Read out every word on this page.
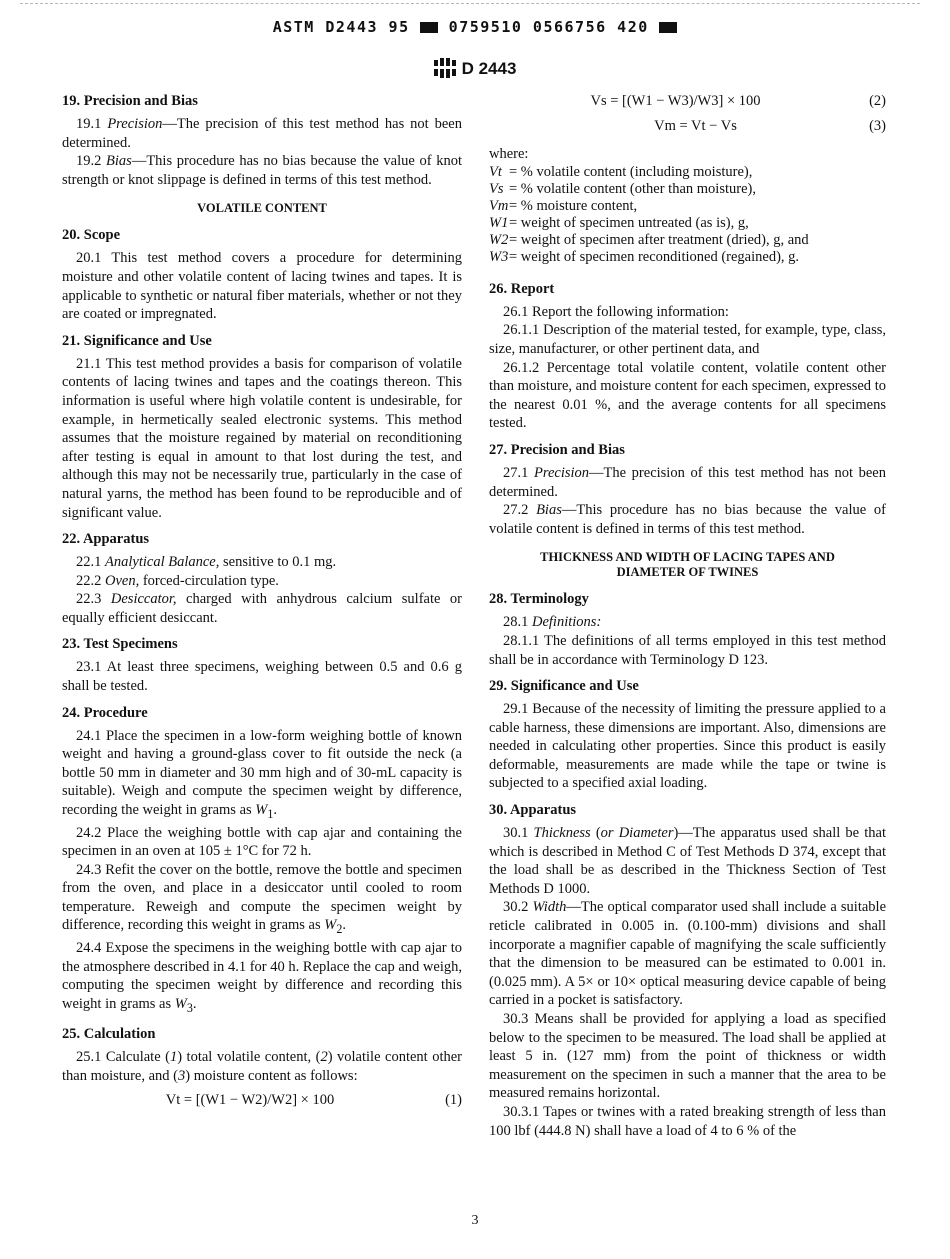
ASTM D2443 95	0759510 0566756 420
D 2443
19. Precision and Bias

19.1 Precision—The precision of this test method has not been determined.

19.2 Bias—This procedure has no bias because the value of knot strength or knot slippage is defined in terms of this test method.

VOLATILE CONTENT
20. Scope

20.1 This test method covers a procedure for determining moisture and other volatile content of lacing twines and tapes. It is applicable to synthetic or natural fiber materials, whether or not they are coated or impregnated.

21. Significance and Use

21.1 This test method provides a basis for comparison of volatile contents of lacing twines and tapes and the coatings thereon. This information is useful where high volatile content is undesirable, for example, in hermetically sealed electronic systems. This method assumes that the moisture regained by material on reconditioning after testing is equal in amount to that lost during the test, and although this may not be necessarily true, particularly in the case of natural yarns, the method has been found to be reproducible and of significant value.

22. Apparatus

22.1 Analytical Balance, sensitive to 0.1 mg.

22.2 Oven, forced-circulation type.

22.3 Desiccator, charged with anhydrous calcium sulfate or equally efficient desiccant.

23. Test Specimens

23.1 At least three specimens, weighing between 0.5 and 0.6 g shall be tested.

24. Procedure

24.1 Place the specimen in a low-form weighing bottle of known weight and having a ground-glass cover to fit outside the neck (a bottle 50 mm in diameter and 30 mm high and of 30-mL capacity is suitable). Weigh and compute the specimen weight by difference, recording the weight in grams as $W_1$.

24.2 Place the weighing bottle with cap ajar and containing the specimen in an oven at 105 ± 1°C for 72 h.

24.3 Refit the cover on the bottle, remove the bottle and specimen from the oven, and place in a desiccator until cooled to room temperature. Reweigh and compute the specimen weight by difference, recording this weight in grams as $W_2$.

24.4 Expose the specimens in the weighing bottle with cap ajar to the atmosphere described in 4.1 for 40 h. Replace the cap and weigh, computing the specimen weight by difference and recording this weight in grams as $W_3$.

25. Calculation

25.1 Calculate (1) total volatile content, (2) volatile content other than moisture, and (3) moisture content as follows:

Vt = [(W1 − W2)/W2] × 100	(1)
Vs = [(W1 − W3)/W3] × 100	(2)
Vm = Vt − Vs	(3)
where:
Vt = % volatile content (including moisture),
Vs = % volatile content (other than moisture),
Vm = % moisture content,
W1 = weight of specimen untreated (as is), g,
W2 = weight of specimen after treatment (dried), g, and
W3 = weight of specimen reconditioned (regained), g.
26. Report

26.1 Report the following information:

26.1.1 Description of the material tested, for example, type, class, size, manufacturer, or other pertinent data, and

26.1.2 Percentage total volatile content, volatile content other than moisture, and moisture content for each specimen, expressed to the nearest 0.01 %, and the average contents for all specimens tested.

27. Precision and Bias

27.1 Precision—The precision of this test method has not been determined.

27.2 Bias—This procedure has no bias because the value of volatile content is defined in terms of this test method.

THICKNESS AND WIDTH OF LACING TAPES AND
DIAMETER OF TWINES
28. Terminology

28.1 Definitions:

28.1.1 The definitions of all terms employed in this test method shall be in accordance with Terminology D 123.

29. Significance and Use

29.1 Because of the necessity of limiting the pressure applied to a cable harness, these dimensions are important. Also, dimensions are needed in calculating other properties. Since this product is easily deformable, measurements are made while the tape or twine is subjected to a specified axial loading.

30. Apparatus

30.1 Thickness (or Diameter)—The apparatus used shall be that which is described in Method C of Test Methods D 374, except that the load shall be as described in the Thickness Section of Test Methods D 1000.

30.2 Width—The optical comparator used shall include a suitable reticle calibrated in 0.005 in. (0.100-mm) divisions and shall incorporate a magnifier capable of magnifying the scale sufficiently that the dimension to be measured can be estimated to 0.001 in. (0.025 mm). A 5× or 10× optical measuring device capable of being carried in a pocket is satisfactory.

30.3 Means shall be provided for applying a load as specified below to the specimen to be measured. The load shall be applied at least 5 in. (127 mm) from the point of thickness or width measurement on the specimen in such a manner that the area to be measured remains horizontal.

30.3.1 Tapes or twines with a rated breaking strength of less than 100 lbf (444.8 N) shall have a load of 4 to 6 % of the

3
